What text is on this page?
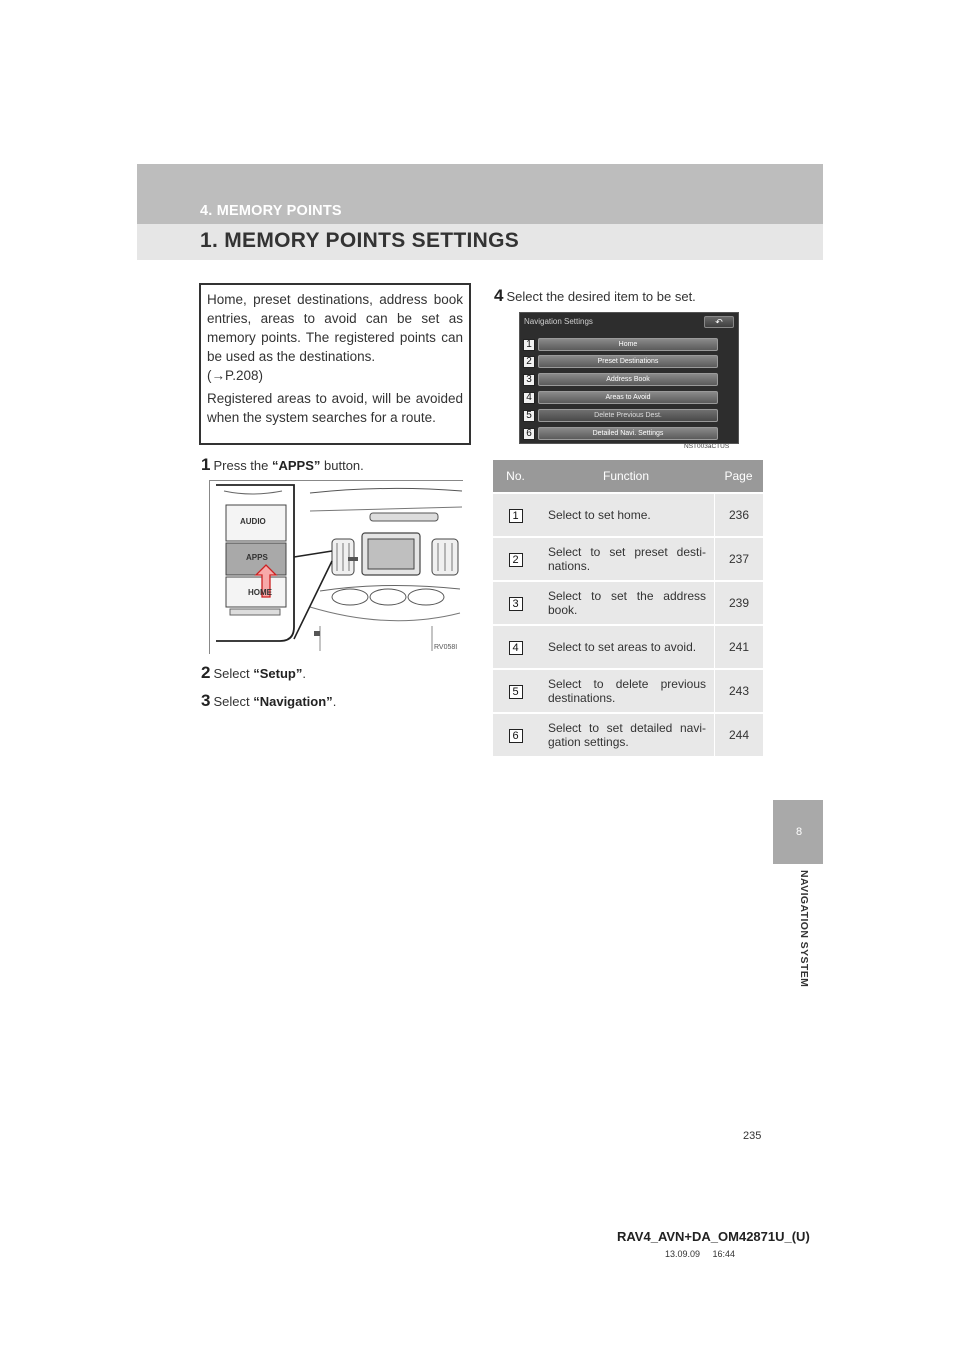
4. MEMORY POINTS
1. MEMORY POINTS SETTINGS

Home, preset destinations, address book entries, areas to avoid can be set as memory points. The registered points can be used as the destinations.
(→P.208)

Registered areas to avoid, will be avoided when the system searches for a route.

1 Press the “APPS” button.
AUDIO
APPS
HOME
RV058I
2 Select “Setup”.
3 Select “Navigation”.
4 Select the desired item to be set.
Navigation Settings	↶
1	Home
2	Preset Destinations
3	Address Book
4	Areas to Avoid
5	Delete Previous Dest.
6	Detailed Navi. Settings
NST003aCTUS
No.	Function	Page
1	Select to set home.	236
2	Select to set preset desti-nations.	237
3	Select to set the address book.	239
4	Select to set areas to avoid.	241
5	Select to delete previous destinations.	243
6	Select to set detailed navi-gation settings.	244
8
NAVIGATION SYSTEM
235
RAV4_AVN+DA_OM42871U_(U)
13.09.09     16:44
